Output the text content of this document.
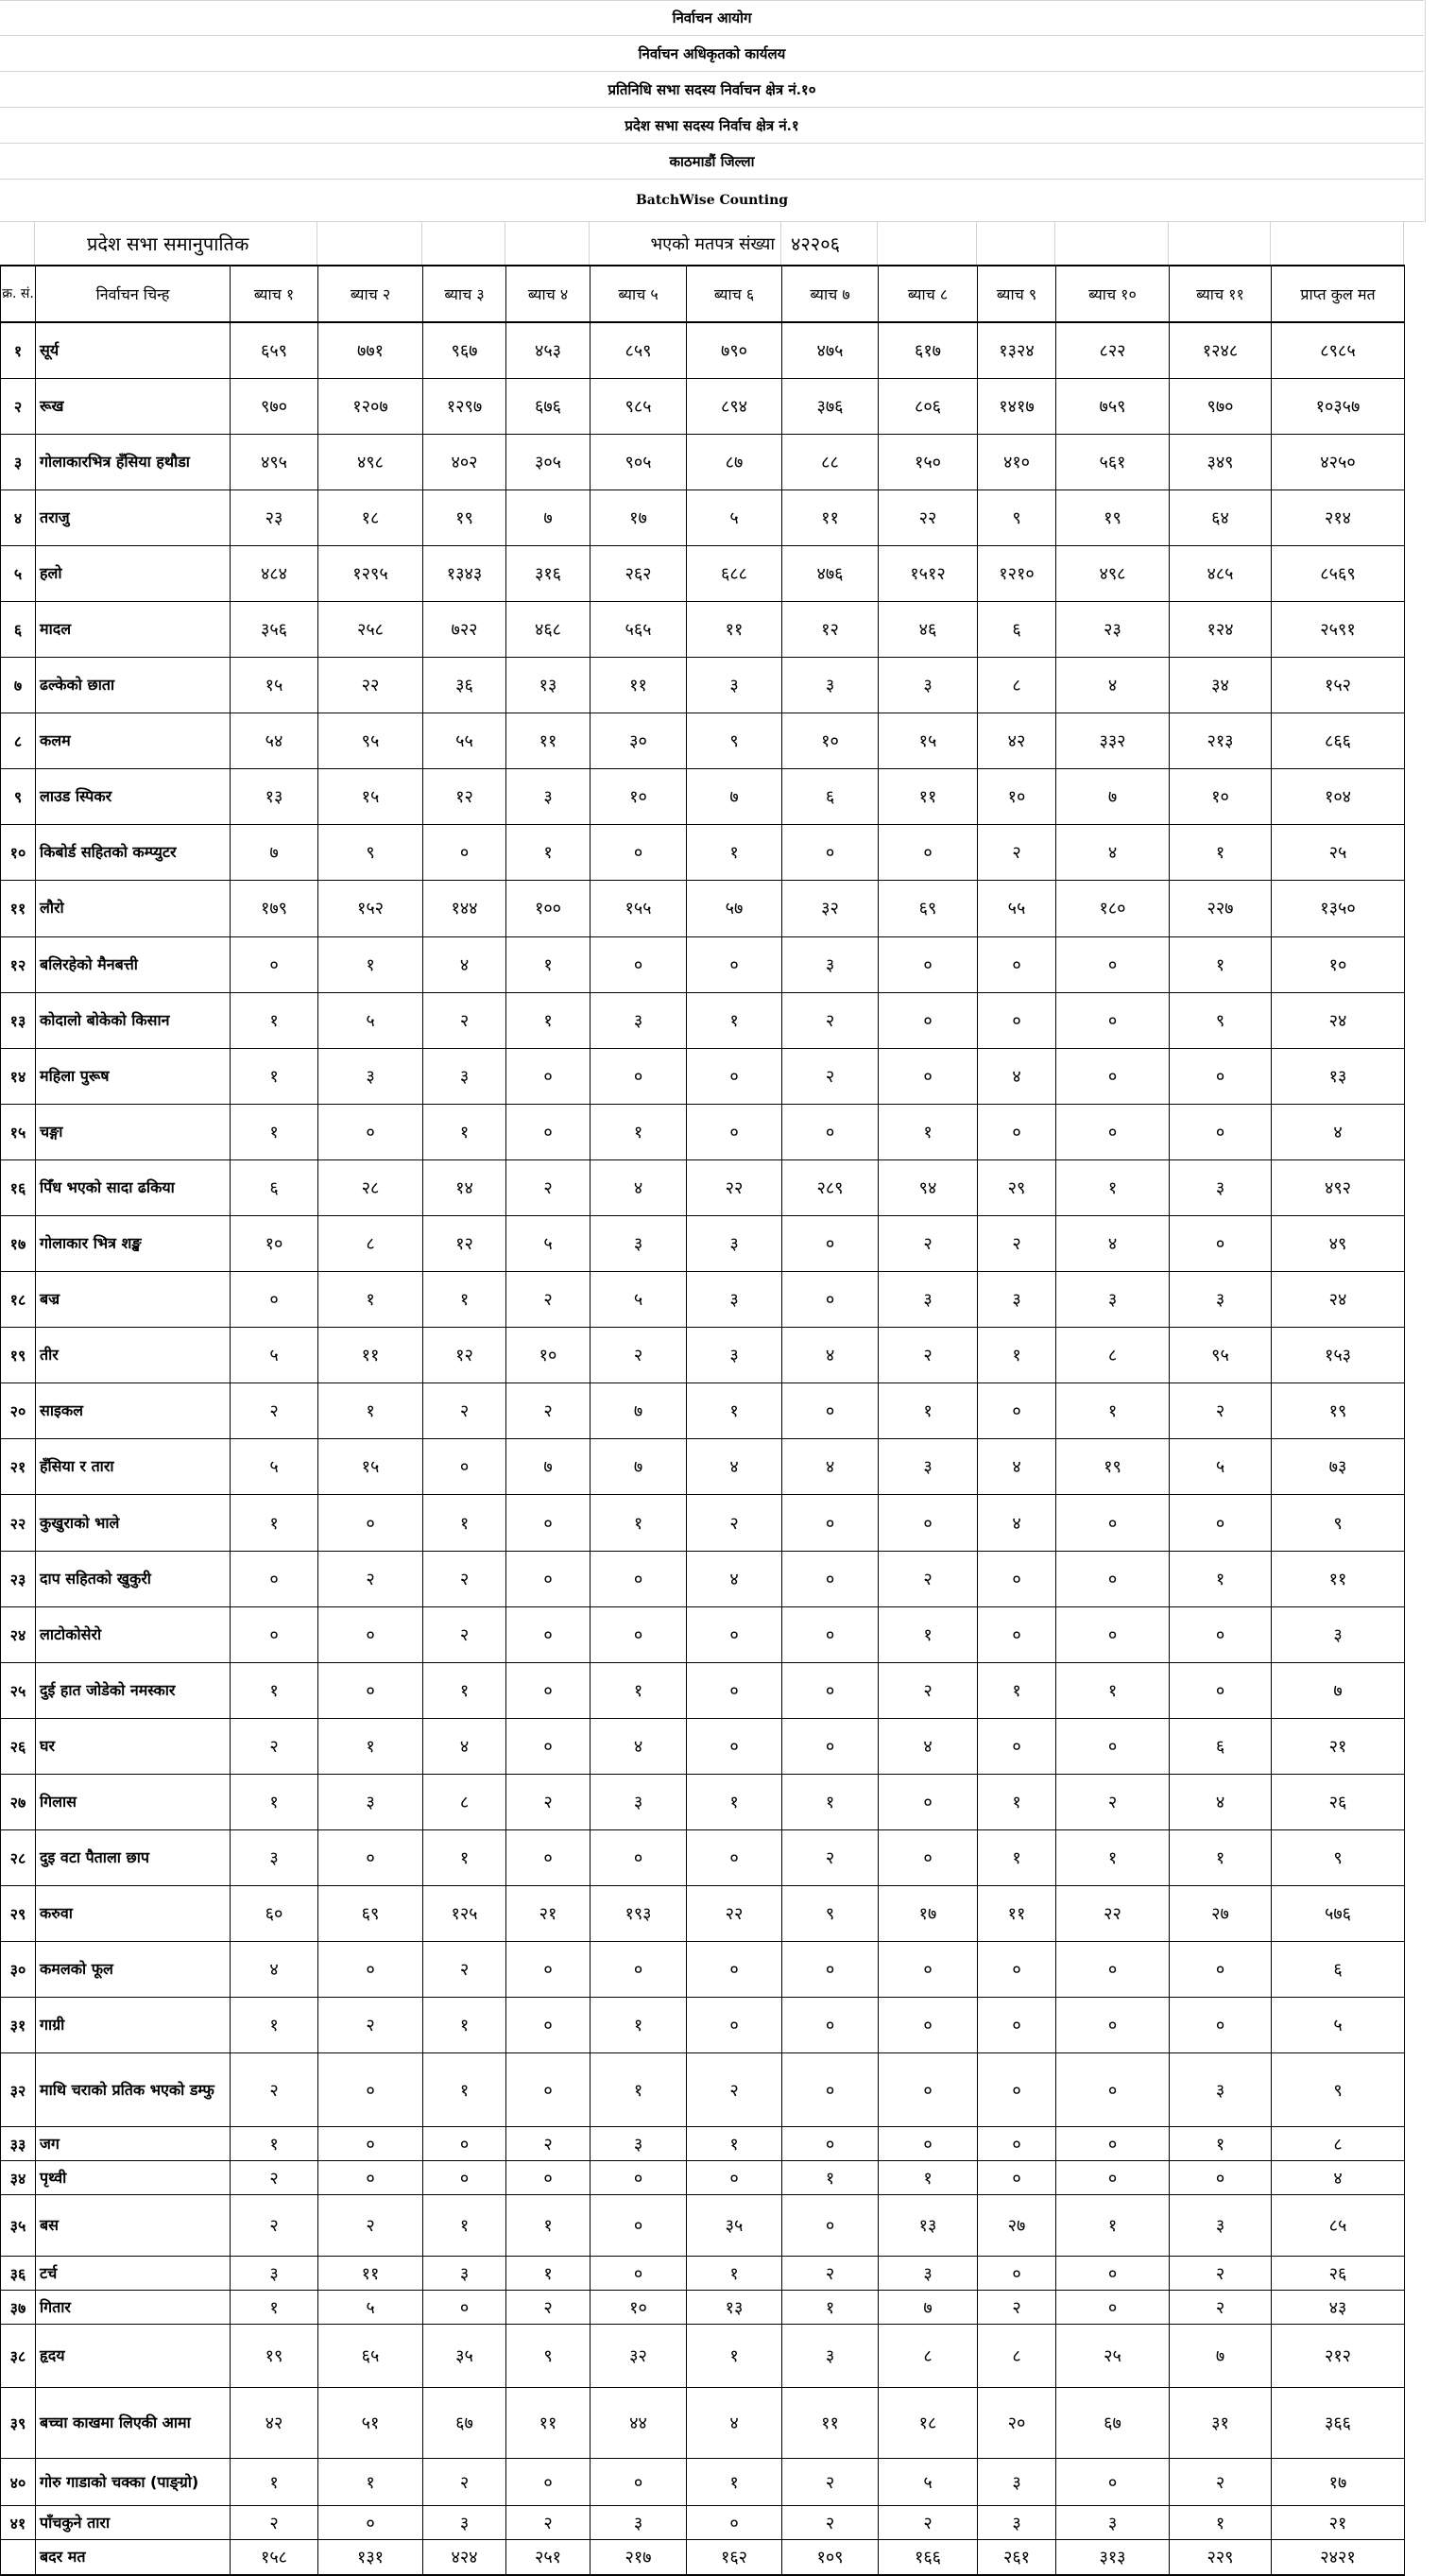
निर्वाचन आयोग
निर्वाचन अधिकृतको कार्यलय
प्रतिनिधि सभा सदस्य निर्वाचन क्षेत्र नं.१०
प्रदेश सभा सदस्य निर्वाच क्षेत्र नं.१
काठमाडौं जिल्ला
BatchWise Counting
प्रदेश सभा समानुपातिक	भएको मतपत्र संख्या ४२२०६
क्र. सं.	निर्वाचन चिन्ह	ब्याच १	ब्याच २	ब्याच ३	ब्याच ४	ब्याच ५	ब्याच ६	ब्याच ७	ब्याच ८	ब्याच ९	ब्याच १०	ब्याच ११	प्राप्त कुल मत
१	सूर्य	६५९	७७१	९६७	४५३	८५९	७९०	४७५	६१७	१३२४	८२२	१२४८	८९८५
२	रूख	९७०	१२०७	१२९७	६७६	९८५	८९४	३७६	८०६	१४१७	७५९	९७०	१०३५७
३	गोलाकारभित्र हँसिया हथौडा	४९५	४९८	४०२	३०५	९०५	८७	८८	१५०	४१०	५६१	३४९	४२५०
४	तराजु	२३	१८	१९	७	१७	५	११	२२	९	१९	६४	२१४
५	हलो	४८४	१२९५	१३४३	३१६	२६२	६८८	४७६	१५१२	१२१०	४९८	४८५	८५६९
६	मादल	३५६	२५८	७२२	४६८	५६५	११	१२	४६	६	२३	१२४	२५९१
७	ढल्केको छाता	१५	२२	३६	१३	११	३	३	३	८	४	३४	१५२
८	कलम	५४	९५	५५	११	३०	९	१०	१५	४२	३३२	२१३	८६६
९	लाउड स्पिकर	१३	१५	१२	३	१०	७	६	११	१०	७	१०	१०४
१०	किबोर्ड सहितको कम्प्युटर	७	९	०	१	०	१	०	०	२	४	१	२५
११	लौरो	१७९	१५२	१४४	१००	१५५	५७	३२	६९	५५	१८०	२२७	१३५०
१२	बलिरहेको मैनबत्ती	०	१	४	१	०	०	३	०	०	०	१	१०
१३	कोदालो बोकेको किसान	१	५	२	१	३	१	२	०	०	०	९	२४
१४	महिला पुरूष	१	३	३	०	०	०	२	०	४	०	०	१३
१५	चङ्गा	१	०	१	०	१	०	०	१	०	०	०	४
१६	पिँध भएको सादा ढकिया	६	२८	१४	२	४	२२	२८९	९४	२९	१	३	४९२
१७	गोलाकार भित्र शङ्ख	१०	८	१२	५	३	३	०	२	२	४	०	४९
१८	बज्र	०	१	१	२	५	३	०	३	३	३	३	२४
१९	तीर	५	११	१२	१०	२	३	४	२	१	८	९५	१५३
२०	साइकल	२	१	२	२	७	१	०	१	०	१	२	१९
२१	हँसिया र तारा	५	१५	०	७	७	४	४	३	४	१९	५	७३
२२	कुखुराको भाले	१	०	१	०	१	२	०	०	४	०	०	९
२३	दाप सहितको खुकुरी	०	२	२	०	०	४	०	२	०	०	१	११
२४	लाटोकोसेरो	०	०	२	०	०	०	०	१	०	०	०	३
२५	दुई हात जोडेको नमस्कार	१	०	१	०	१	०	०	२	१	१	०	७
२६	घर	२	१	४	०	४	०	०	४	०	०	६	२१
२७	गिलास	१	३	८	२	३	१	१	०	१	२	४	२६
२८	दुइ वटा पैताला छाप	३	०	१	०	०	०	२	०	१	१	१	९
२९	करुवा	६०	६९	१२५	२१	१९३	२२	९	१७	११	२२	२७	५७६
३०	कमलको फूल	४	०	२	०	०	०	०	०	०	०	०	६
३१	गाग्री	१	२	१	०	१	०	०	०	०	०	०	५
३२	माथि चराको प्रतिक भएको डम्फु	२	०	१	०	१	२	०	०	०	०	३	९
३३	जग	१	०	०	२	३	१	०	०	०	०	१	८
३४	पृथ्वी	२	०	०	०	०	०	१	१	०	०	०	४
३५	बस	२	२	१	१	०	३५	०	१३	२७	१	३	८५
३६	टर्च	३	११	३	१	०	१	२	३	०	०	२	२६
३७	गितार	१	५	०	२	१०	१३	१	७	२	०	२	४३
३८	हृदय	१९	६५	३५	९	३२	१	३	८	८	२५	७	२१२
३९	बच्चा काखमा लिएकी आमा	४२	५१	६७	११	४४	४	११	१८	२०	६७	३१	३६६
४०	गोरु गाडाको चक्का (पाङ्ग्रो)	१	१	२	०	०	१	२	५	३	०	२	१७
४१	पाँचकुने तारा	२	०	३	२	३	०	२	२	३	३	१	२१
	बदर मत	१५८	१३१	४२४	२५१	२१७	१६२	१०९	१६६	२६१	३१३	२२९	२४२१
